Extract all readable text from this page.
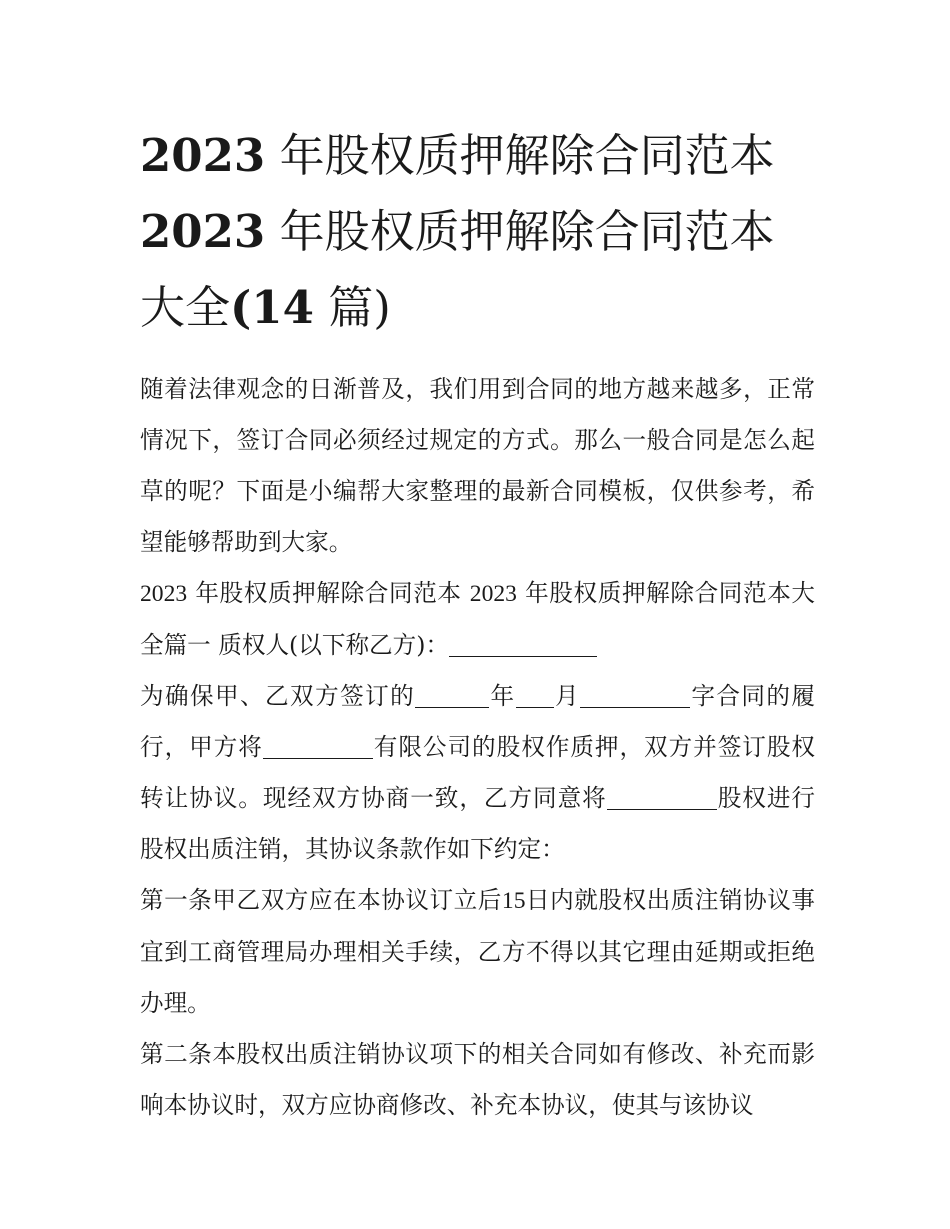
2023 年股权质押解除合同范本
2023 年股权质押解除合同范本大全(14 篇)

随着法律观念的日渐普及，我们用到合同的地方越来越多，正常情况下，签订合同必须经过规定的方式。那么一般合同是怎么起草的呢？下面是小编帮大家整理的最新合同模板，仅供参考，希望能够帮助到大家。

2023 年股权质押解除合同范本 2023 年股权质押解除合同范本大全篇一 质权人(以下称乙方)：

为确保甲、乙双方签订的	年 月	字合同的履行，甲方将	有限公司的股权作质押，双方并签订股权转让协议。现经双方协商一致，乙方同意将	股权进行股权出质注销，其协议条款作如下约定：

第一条甲乙双方应在本协议订立后15日内就股权出质注销协议事宜到工商管理局办理相关手续，乙方不得以其它理由延期或拒绝办理。

第二条本股权出质注销协议项下的相关合同如有修改、补充而影响本协议时，双方应协商修改、补充本协议，使其与该协议
